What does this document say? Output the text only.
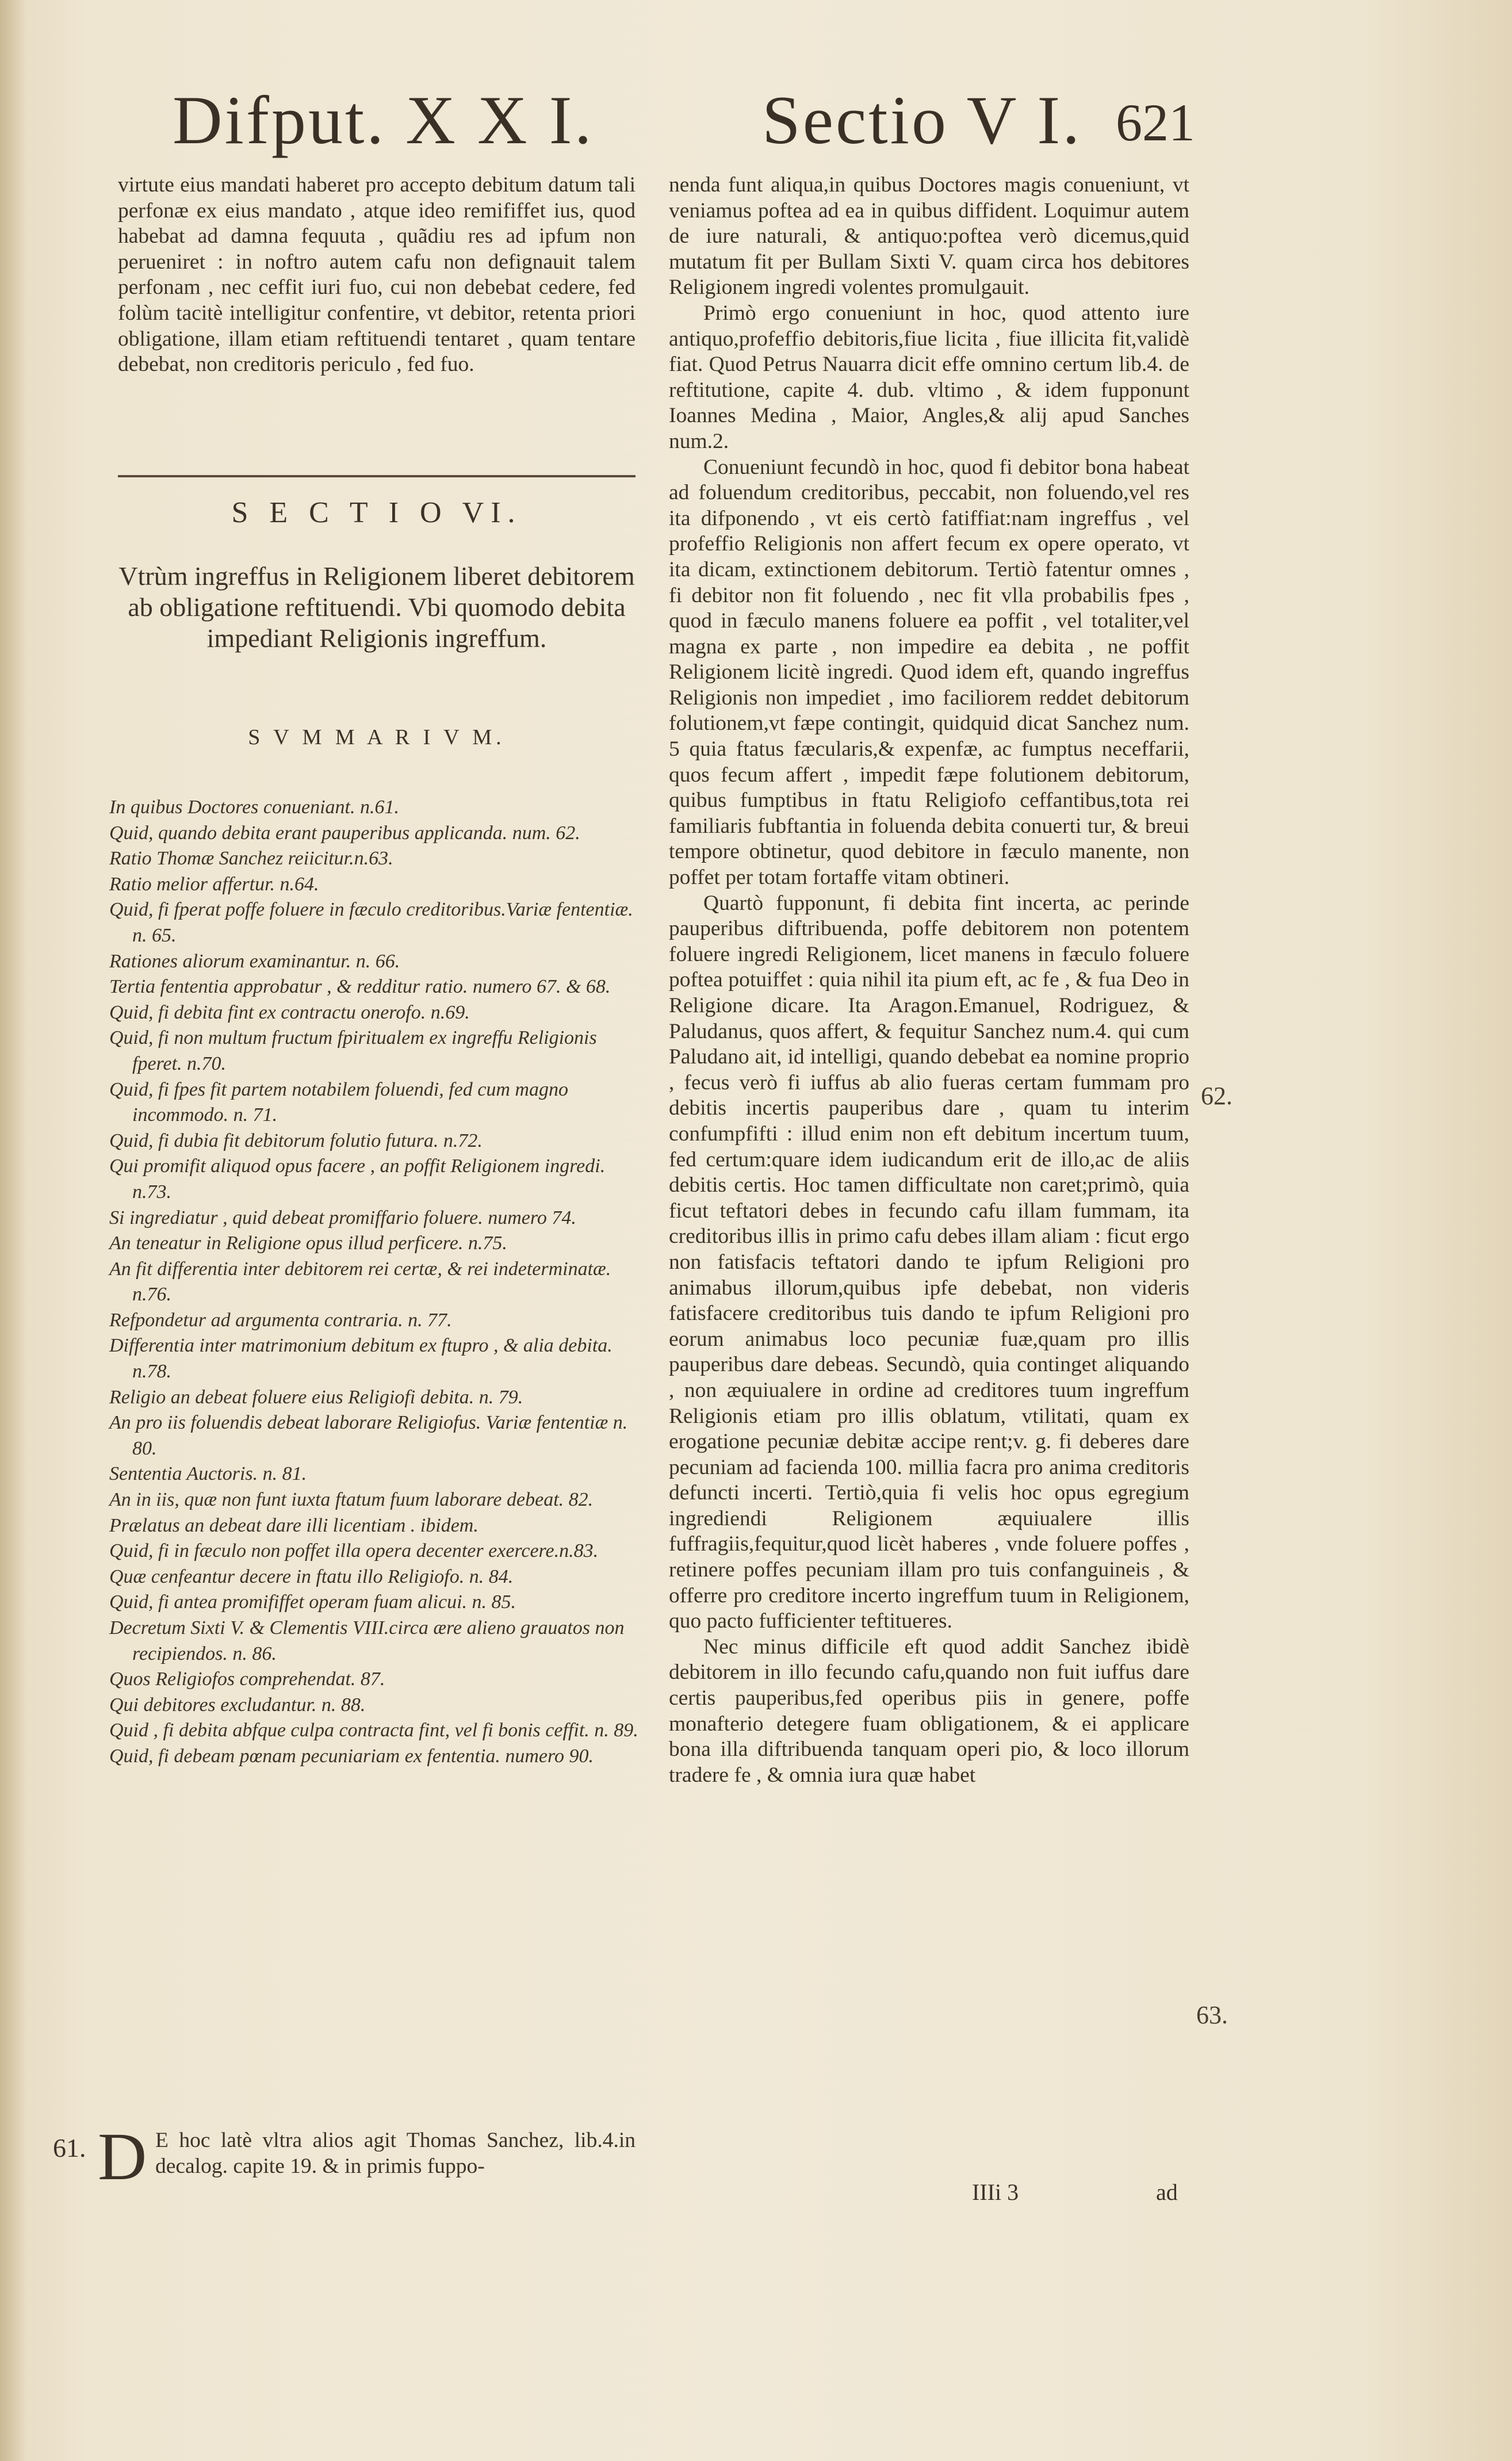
Difput. X X I. Sectio V I. 621

virtute eius mandati haberet pro accepto debitum datum tali perfonæ ex eius mandato , atque ideo remififfet ius, quod habebat ad damna fequuta , quãdiu res ad ipfum non perueniret : in noftro autem cafu non defignauit talem perfonam , nec ceffit iuri fuo, cui non debebat cedere, fed folùm tacitè intelligitur confentire, vt debitor, retenta priori obligatione, illam etiam reftituendi tentaret , quam tentare debebat, non creditoris periculo , fed fuo.

S E C T I O VI.
Vtrùm ingreffus in Religionem liberet debitorem ab obligatione reftituendi. Vbi quomodo debita impediant Religionis ingreffum.
S V M M A R I V M.
In quibus Doctores conueniant. n.61.
Quid, quando debita erant pauperibus applicanda. num. 62.
Ratio Thomæ Sanchez reiicitur.n.63.
Ratio melior affertur. n.64.
Quid, fi fperat poffe foluere in fæculo creditoribus.Variæ fententiæ. n. 65.
Rationes aliorum examinantur. n. 66.
Tertia fententia approbatur , & redditur ratio. numero 67. & 68.
Quid, fi debita fint ex contractu onerofo. n.69.
Quid, fi non multum fructum fpiritualem ex ingreffu Religionis fperet. n.70.
Quid, fi fpes fit partem notabilem foluendi, fed cum magno incommodo. n. 71.
Quid, fi dubia fit debitorum folutio futura. n.72.
Qui promifit aliquod opus facere , an poffit Religionem ingredi. n.73.
Si ingrediatur , quid debeat promiffario foluere. numero 74.
An teneatur in Religione opus illud perficere. n.75.
An fit differentia inter debitorem rei certæ, & rei indeterminatæ. n.76.
Refpondetur ad argumenta contraria. n. 77.
Differentia inter matrimonium debitum ex ftupro , & alia debita. n.78.
Religio an debeat foluere eius Religiofi debita. n. 79.
An pro iis foluendis debeat laborare Religiofus. Variæ fententiæ n. 80.
Sententia Auctoris. n. 81.
An in iis, quæ non funt iuxta ftatum fuum laborare debeat. 82.
Prælatus an debeat dare illi licentiam . ibidem.
Quid, fi in fæculo non poffet illa opera decenter exercere.n.83.
Quæ cenfeantur decere in ftatu illo Religiofo. n. 84.
Quid, fi antea promififfet operam fuam alicui. n. 85.
Decretum Sixti V. & Clementis VIII.circa ære alieno grauatos non recipiendos. n. 86.
Quos Religiofos comprehendat. 87.
Qui debitores excludantur. n. 88.
Quid , fi debita abfque culpa contracta fint, vel fi bonis ceffit. n. 89.
Quid, fi debeam pœnam pecuniariam ex fententia. numero 90.
61. D E hoc latè vltra alios agit Thomas Sanchez, lib.4.in decalog. capite 19. & in primis fuppo-

nenda funt aliqua,in quibus Doctores magis conueniunt, vt veniamus poftea ad ea in quibus diffident. Loquimur autem de iure naturali, & antiquo:poftea verò dicemus,quid mutatum fit per Bullam Sixti V. quam circa hos debitores Religionem ingredi volentes promulgauit.

Primò ergo conueniunt in hoc, quod attento iure antiquo,profeffio debitoris,fiue licita , fiue illicita fit,validè fiat. Quod Petrus Nauarra dicit effe omnino certum lib.4. de reftitutione, capite 4. dub. vltimo , & idem fupponunt Ioannes Medina , Maior, Angles,& alij apud Sanches num.2.

Conueniunt fecundò in hoc, quod fi debitor bona habeat ad foluendum creditoribus, peccabit, non foluendo,vel res ita difponendo , vt eis certò fatiffiat:nam ingreffus , vel profeffio Religionis non affert fecum ex opere operato, vt ita dicam, extinctionem debitorum. Tertiò fatentur omnes , fi debitor non fit foluendo , nec fit vlla probabilis fpes , quod in fæculo manens foluere ea poffit , vel totaliter,vel magna ex parte , non impedire ea debita , ne poffit Religionem licitè ingredi. Quod idem eft, quando ingreffus Religionis non impediet , imo faciliorem reddet debitorum folutionem,vt fæpe contingit, quidquid dicat Sanchez num. 5 quia ftatus fæcularis,& expenfæ, ac fumptus neceffarii, quos fecum affert , impedit fæpe folutionem debitorum, quibus fumptibus in ftatu Religiofo ceffantibus,tota rei familiaris fubftantia in foluenda debita conuerti tur, & breui tempore obtinetur, quod debitore in fæculo manente, non poffet per totam fortaffe vitam obtineri.

Quartò fupponunt, fi debita fint incerta, ac perinde pauperibus diftribuenda, poffe debitorem non potentem foluere ingredi Religionem, licet manens in fæculo foluere poftea potuiffet : quia nihil ita pium eft, ac fe , & fua Deo in Religione dicare. Ita Aragon.Emanuel, Rodriguez, & Paludanus, quos affert, & fequitur Sanchez num.4. qui cum Paludano ait, id intelligi, quando debebat ea nomine proprio , fecus verò fi iuffus ab alio fueras certam fummam pro debitis incertis pauperibus dare , quam tu interim confumpfifti : illud enim non eft debitum incertum tuum, fed certum:quare idem iudicandum erit de illo,ac de aliis debitis certis. Hoc tamen difficultate non caret;primò, quia ficut teftatori debes in fecundo cafu illam fummam, ita creditoribus illis in primo cafu debes illam aliam : ficut ergo non fatisfacis teftatori dando te ipfum Religioni pro animabus illorum,quibus ipfe debebat, non videris fatisfacere creditoribus tuis dando te ipfum Religioni pro eorum animabus loco pecuniæ fuæ,quam pro illis pauperibus dare debeas. Secundò, quia continget aliquando , non æquiualere in ordine ad creditores tuum ingreffum Religionis etiam pro illis oblatum, vtilitati, quam ex erogatione pecuniæ debitæ accipe rent;v. g. fi deberes dare pecuniam ad facienda 100. millia facra pro anima creditoris defuncti incerti. Tertiò,quia fi velis hoc opus egregium ingrediendi Religionem æquiualere illis fuffragiis,fequitur,quod licèt haberes , vnde foluere poffes , retinere poffes pecuniam illam pro tuis confanguineis , & offerre pro creditore incerto ingreffum tuum in Religionem, quo pacto fufficienter teftitueres.

Nec minus difficile eft quod addit Sanchez ibidè debitorem in illo fecundo cafu,quando non fuit iuffus dare certis pauperibus,fed operibus piis in genere, poffe monafterio detegere fuam obligationem, & ei applicare bona illa diftribuenda tanquam operi pio, & loco illorum tradere fe , & omnia iura quæ habet

62.
63.
IIIi 3	ad
